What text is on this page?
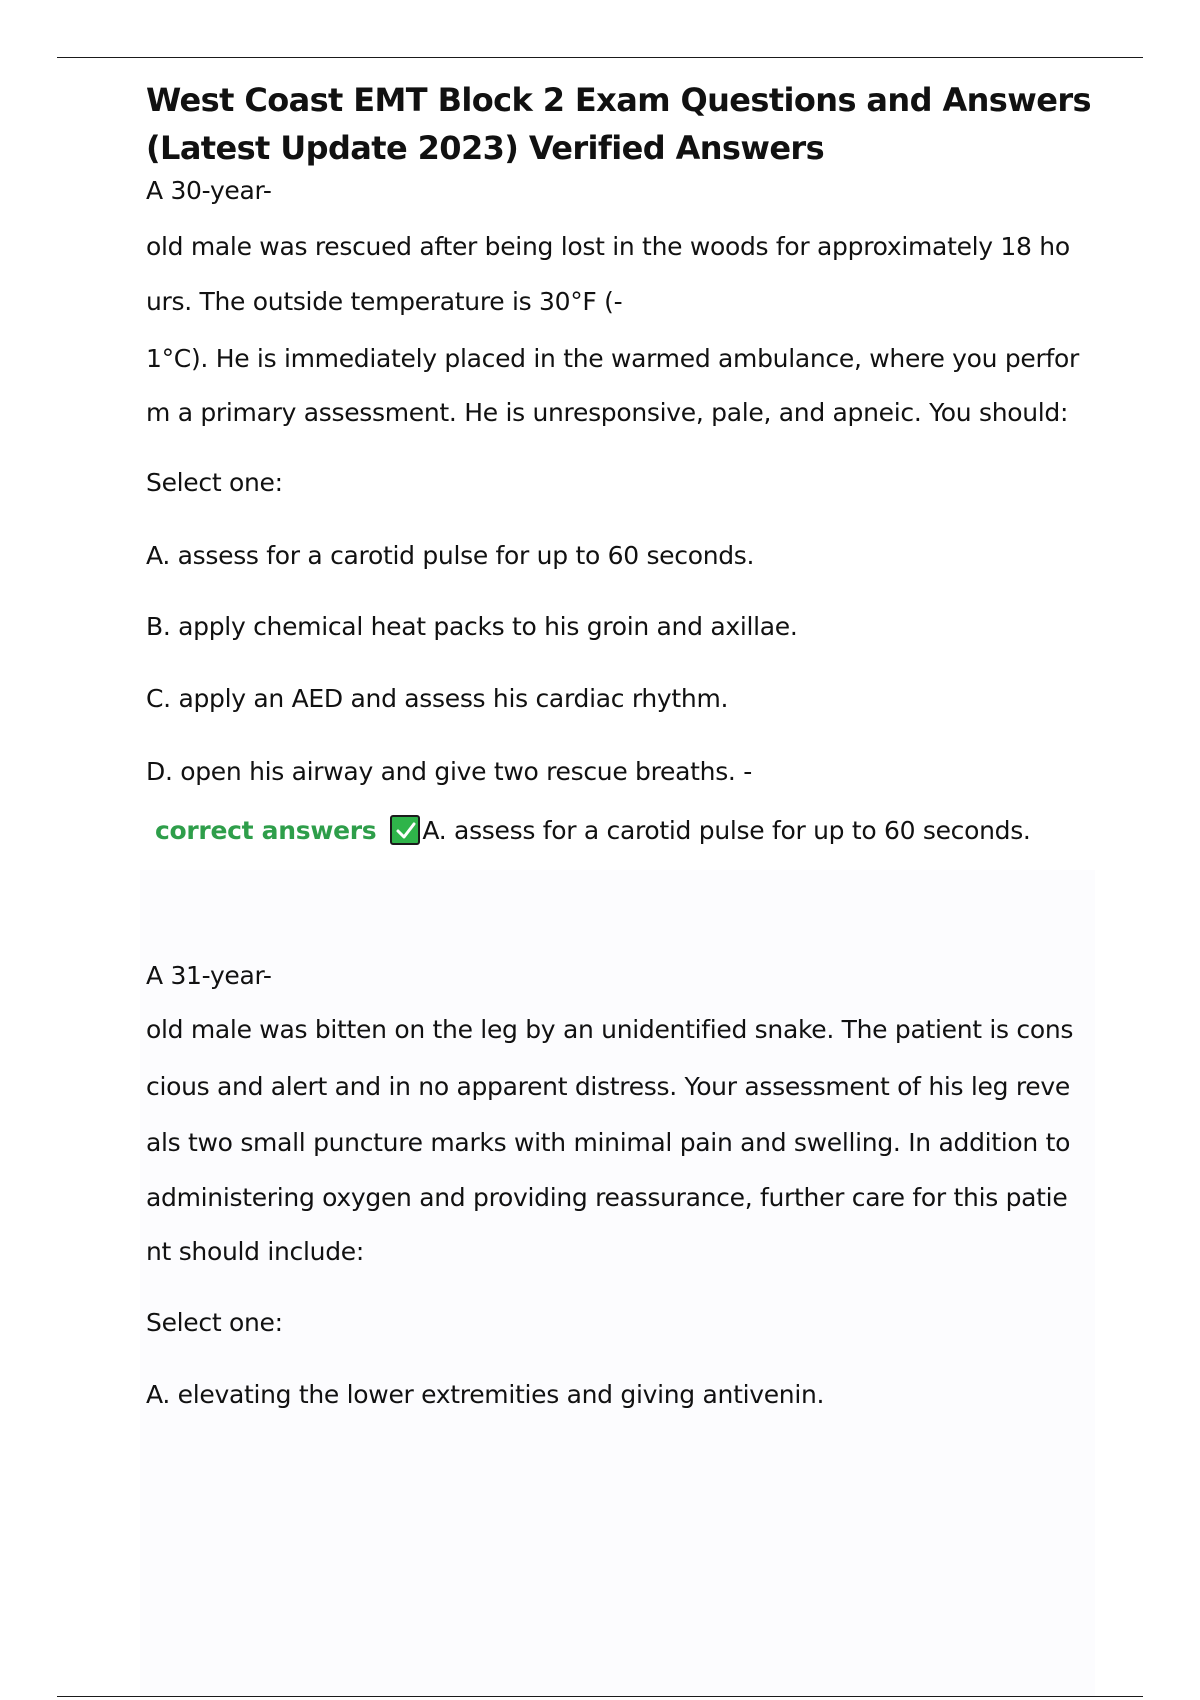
West Coast EMT Block 2 Exam Questions and Answers (Latest Update 2023) Verified Answers
A 30-year-
old male was rescued after being lost in the woods for approximately 18 ho
urs. The outside temperature is 30°F (-
1°C). He is immediately placed in the warmed ambulance, where you perfor
m a primary assessment. He is unresponsive, pale, and apneic. You should:
Select one:
A. assess for a carotid pulse for up to 60 seconds.
B. apply chemical heat packs to his groin and axillae.
C. apply an AED and assess his cardiac rhythm.
D. open his airway and give two rescue breaths. -
correct answers A. assess for a carotid pulse for up to 60 seconds.
A 31-year-
old male was bitten on the leg by an unidentified snake. The patient is cons
cious and alert and in no apparent distress. Your assessment of his leg reve
als two small puncture marks with minimal pain and swelling. In addition to
administering oxygen and providing reassurance, further care for this patie
nt should include:
Select one:
A. elevating the lower extremities and giving antivenin.
